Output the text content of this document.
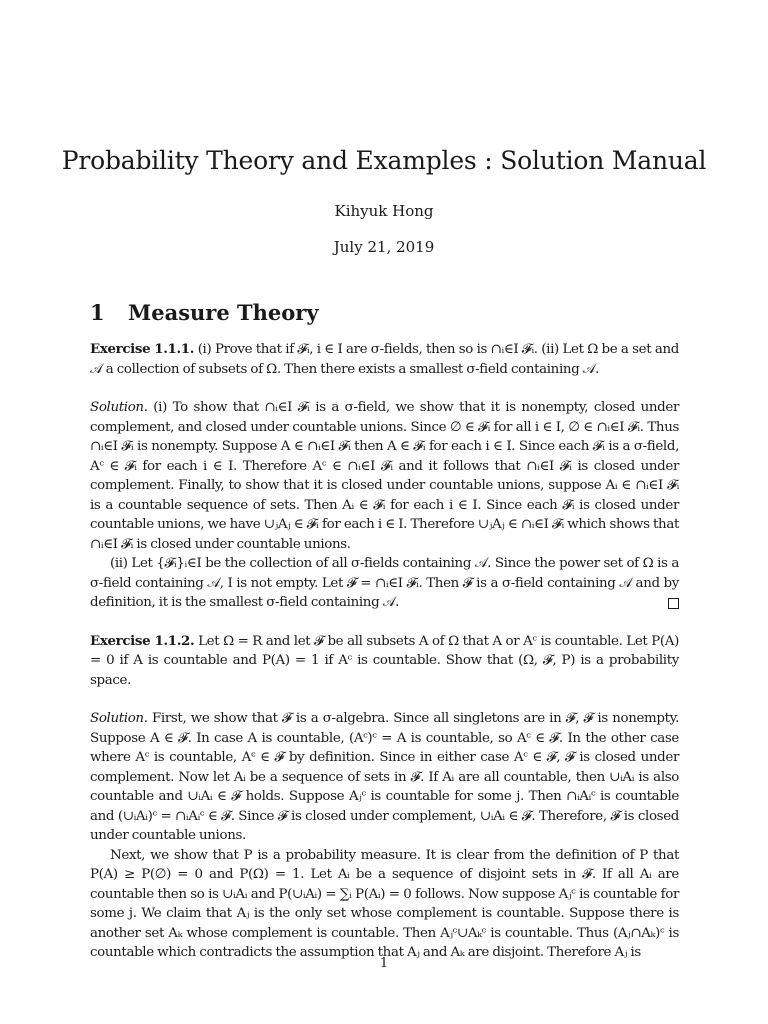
Probability Theory and Examples : Solution Manual
Kihyuk Hong
July 21, 2019
1 Measure Theory

Exercise 1.1.1. (i) Prove that if 𝓕ᵢ, i ∈ I are σ-fields, then so is ∩ᵢ∈I 𝓕ᵢ. (ii) Let Ω be a set and 𝒜 a collection of subsets of Ω. Then there exists a smallest σ-field containing 𝒜.

Solution. (i) To show that ∩ᵢ∈I 𝓕ᵢ is a σ-field, we show that it is nonempty, closed under complement, and closed under countable unions. Since ∅ ∈ 𝓕ᵢ for all i ∈ I, ∅ ∈ ∩ᵢ∈I 𝓕ᵢ. Thus ∩ᵢ∈I 𝓕ᵢ is nonempty. Suppose A ∈ ∩ᵢ∈I 𝓕ᵢ then A ∈ 𝓕ᵢ for each i ∈ I. Since each 𝓕ᵢ is a σ-field, Aᶜ ∈ 𝓕ᵢ for each i ∈ I. Therefore Aᶜ ∈ ∩ᵢ∈I 𝓕ᵢ and it follows that ∩ᵢ∈I 𝓕ᵢ is closed under complement. Finally, to show that it is closed under countable unions, suppose Aᵢ ∈ ∩ᵢ∈I 𝓕ᵢ is a countable sequence of sets. Then Aᵢ ∈ 𝓕ᵢ for each i ∈ I. Since each 𝓕ᵢ is closed under countable unions, we have ∪ⱼAⱼ ∈ 𝓕ᵢ for each i ∈ I. Therefore ∪ⱼAⱼ ∈ ∩ᵢ∈I 𝓕ᵢ which shows that ∩ᵢ∈I 𝓕ᵢ is closed under countable unions.

(ii) Let {𝓕ᵢ}ᵢ∈I be the collection of all σ-fields containing 𝒜. Since the power set of Ω is a σ-field containing 𝒜, I is not empty. Let 𝓕 = ∩ᵢ∈I 𝓕ᵢ. Then 𝓕 is a σ-field containing 𝒜 and by definition, it is the smallest σ-field containing 𝒜.

Exercise 1.1.2. Let Ω = R and let 𝓕 be all subsets A of Ω that A or Aᶜ is countable. Let P(A) = 0 if A is countable and P(A) = 1 if Aᶜ is countable. Show that (Ω, 𝓕, P) is a probability space.

Solution. First, we show that 𝓕 is a σ-algebra. Since all singletons are in 𝓕, 𝓕 is nonempty. Suppose A ∈ 𝓕. In case A is countable, (Aᶜ)ᶜ = A is countable, so Aᶜ ∈ 𝓕. In the other case where Aᶜ is countable, Aᶜ ∈ 𝓕 by definition. Since in either case Aᶜ ∈ 𝓕, 𝓕 is closed under complement. Now let Aᵢ be a sequence of sets in 𝓕. If Aᵢ are all countable, then ∪ᵢAᵢ is also countable and ∪ᵢAᵢ ∈ 𝓕 holds. Suppose Aⱼᶜ is countable for some j. Then ∩ᵢAᵢᶜ is countable and (∪ᵢAᵢ)ᶜ = ∩ᵢAᵢᶜ ∈ 𝓕. Since 𝓕 is closed under complement, ∪ᵢAᵢ ∈ 𝓕. Therefore, 𝓕 is closed under countable unions.

Next, we show that P is a probability measure. It is clear from the definition of P that P(A) ≥ P(∅) = 0 and P(Ω) = 1. Let Aᵢ be a sequence of disjoint sets in 𝓕. If all Aᵢ are countable then so is ∪ᵢAᵢ and P(∪ᵢAᵢ) = ∑ᵢ P(Aᵢ) = 0 follows. Now suppose Aⱼᶜ is countable for some j. We claim that Aⱼ is the only set whose complement is countable. Suppose there is another set Aₖ whose complement is countable. Then Aⱼᶜ∪Aₖᶜ is countable. Thus (Aⱼ∩Aₖ)ᶜ is countable which contradicts the assumption that Aⱼ and Aₖ are disjoint. Therefore Aⱼ is

1
